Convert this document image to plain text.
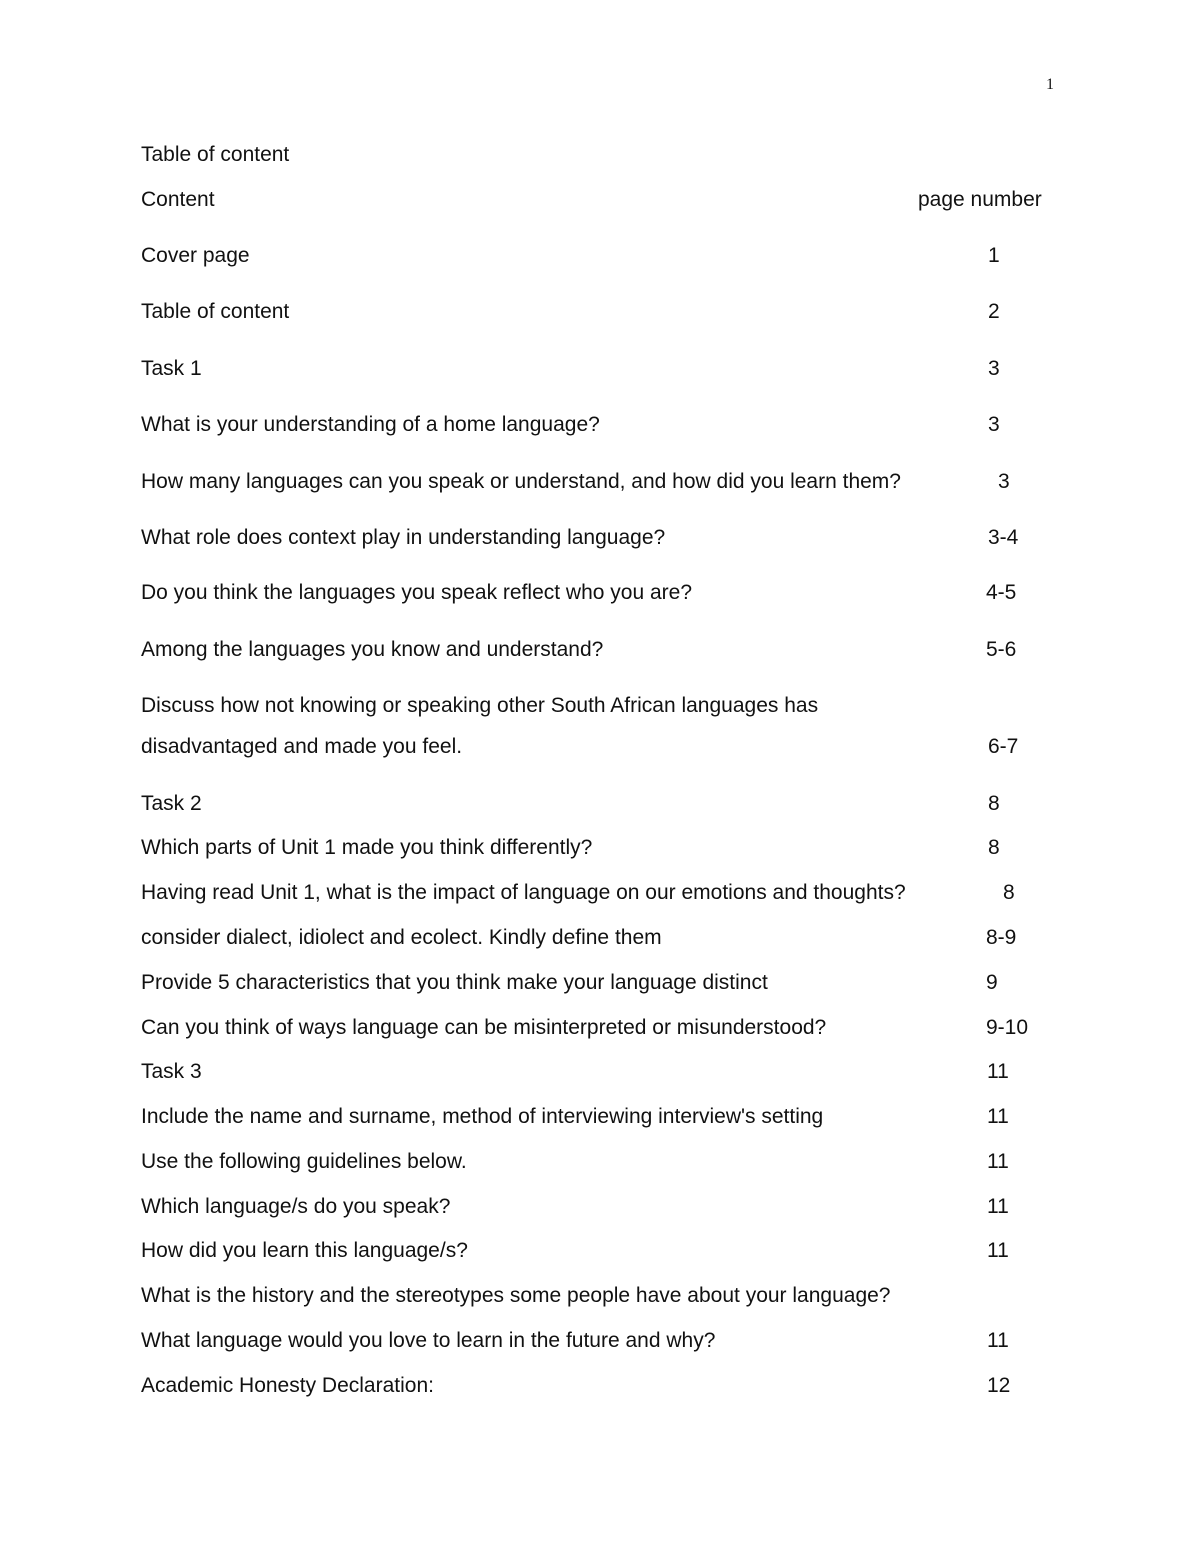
1
Table of content
Content	page number
Cover page	1
Table of content	2
Task 1	3
What is your understanding of a home language?	3
How many languages can you speak or understand, and how did you learn them?	3
What role does context play in understanding language?	3-4
Do you think the languages you speak reflect who you are?	4-5
Among the languages you know and understand?	5-6
Discuss how not knowing or speaking other South African languages has
disadvantaged and made you feel.	6-7
Task 2	8
Which parts of Unit 1 made you think differently?	8
Having read Unit 1, what is the impact of language on our emotions and thoughts?	8
consider dialect, idiolect and ecolect. Kindly define them	8-9
Provide 5 characteristics that you think make your language distinct	9
Can you think of ways language can be misinterpreted or misunderstood?	9-10
Task 3	11
Include the name and surname, method of interviewing interview's setting	11
Use the following guidelines below.	11
Which language/s do you speak?	11
How did you learn this language/s?	11
What is the history and the stereotypes some people have about your language?
What language would you love to learn in the future and why?	11
Academic Honesty Declaration:	12
